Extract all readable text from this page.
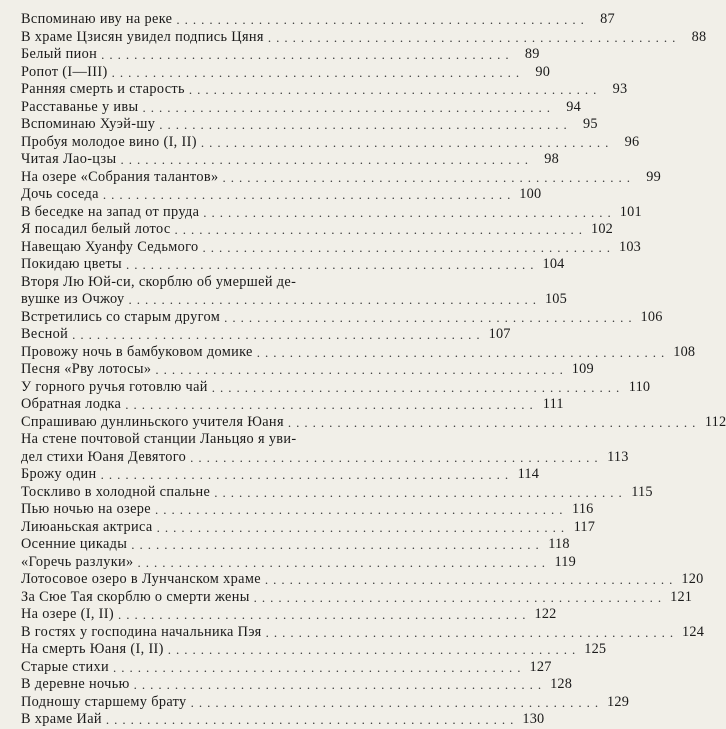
Вспоминаю иву на реке .................................................. 87
В храме Цзисян увидел подпись Цяня .................................................. 88
Белый пион .................................................. 89
Ропот (I—III) .................................................. 90
Ранняя смерть и старость .................................................. 93
Расставанье у ивы .................................................. 94
Вспоминаю Хуэй-шу .................................................. 95
Пробуя молодое вино (I, II) .................................................. 96
Читая Лао-цзы .................................................. 98
На озере «Собрания талантов» .................................................. 99
Дочь соседа .................................................. 100
В беседке на запад от пруда .................................................. 101
Я посадил белый лотос .................................................. 102
Навещаю Хуанфу Седьмого .................................................. 103
Покидаю цветы .................................................. 104
Вторя Лю Юй-си, скорблю об умершей де-
вушке из Очжоу .................................................. 105
Встретились со старым другом .................................................. 106
Весной .................................................. 107
Провожу ночь в бамбуковом домике .................................................. 108
Песня «Рву лотосы» .................................................. 109
У горного ручья готовлю чай .................................................. 110
Обратная лодка .................................................. 111
Спрашиваю дунлиньского учителя Юаня .................................................. 112
На стене почтовой станции Ланьцяо я уви-
дел стихи Юаня Девятого .................................................. 113
Брожу один .................................................. 114
Тоскливо в холодной спальне .................................................. 115
Пью ночью на озере .................................................. 116
Лиюаньская актриса .................................................. 117
Осенние цикады .................................................. 118
«Горечь разлуки» .................................................. 119
Лотосовое озеро в Лунчанском храме .................................................. 120
За Сюе Тая скорблю о смерти жены .................................................. 121
На озере (I, II) .................................................. 122
В гостях у господина начальника Пэя .................................................. 124
На смерть Юаня (I, II) .................................................. 125
Старые стихи .................................................. 127
В деревне ночью .................................................. 128
Подношу старшему брату .................................................. 129
В храме Иай .................................................. 130
